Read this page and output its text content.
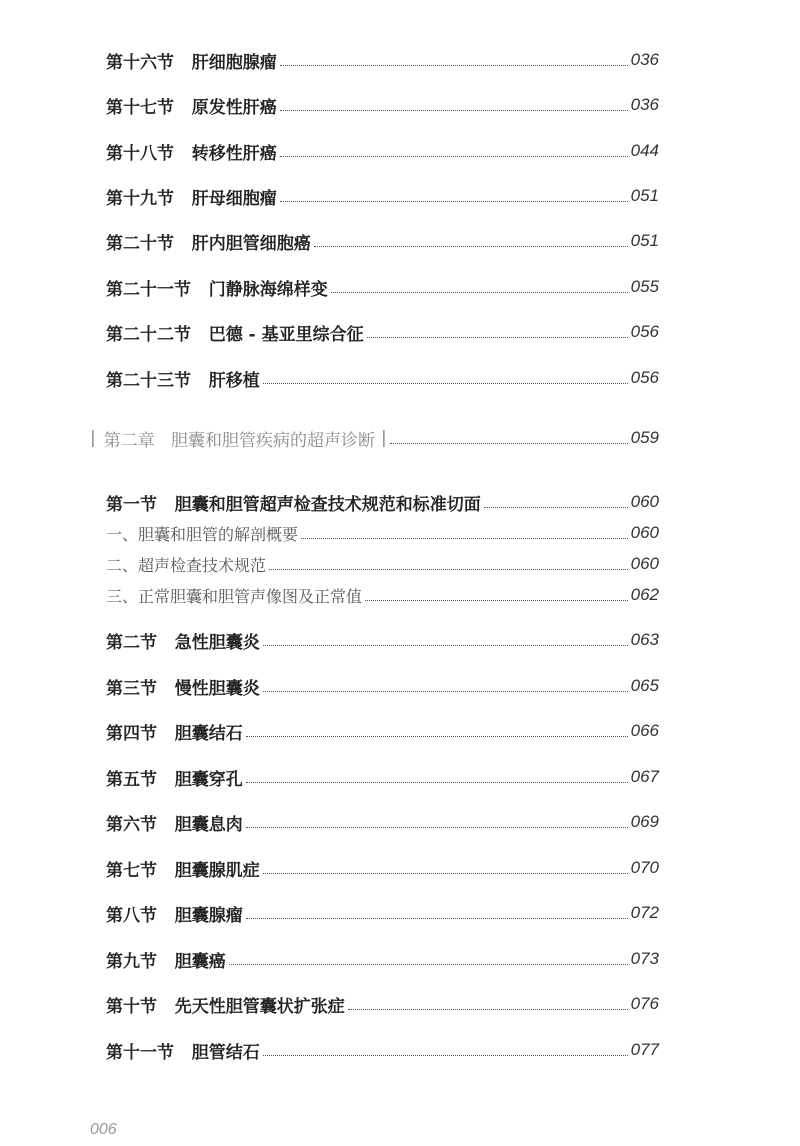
第十六节   肝细胞腺瘤	036
第十七节   原发性肝癌	036
第十八节   转移性肝癌	044
第十九节   肝母细胞瘤	051
第二十节   肝内胆管细胞癌	051
第二十一节   门静脉海绵样变	055
第二十二节   巴德 - 基亚里综合征	056
第二十三节   肝移植	056
| 第二章   胆囊和胆管疾病的超声诊断 |	059
第一节   胆囊和胆管超声检查技术规范和标准切面	060
一、胆囊和胆管的解剖概要	060
二、超声检查技术规范	060
三、正常胆囊和胆管声像图及正常值	062
第二节   急性胆囊炎	063
第三节   慢性胆囊炎	065
第四节   胆囊结石	066
第五节   胆囊穿孔	067
第六节   胆囊息肉	069
第七节   胆囊腺肌症	070
第八节   胆囊腺瘤	072
第九节   胆囊癌	073
第十节   先天性胆管囊状扩张症	076
第十一节   胆管结石	077
006
